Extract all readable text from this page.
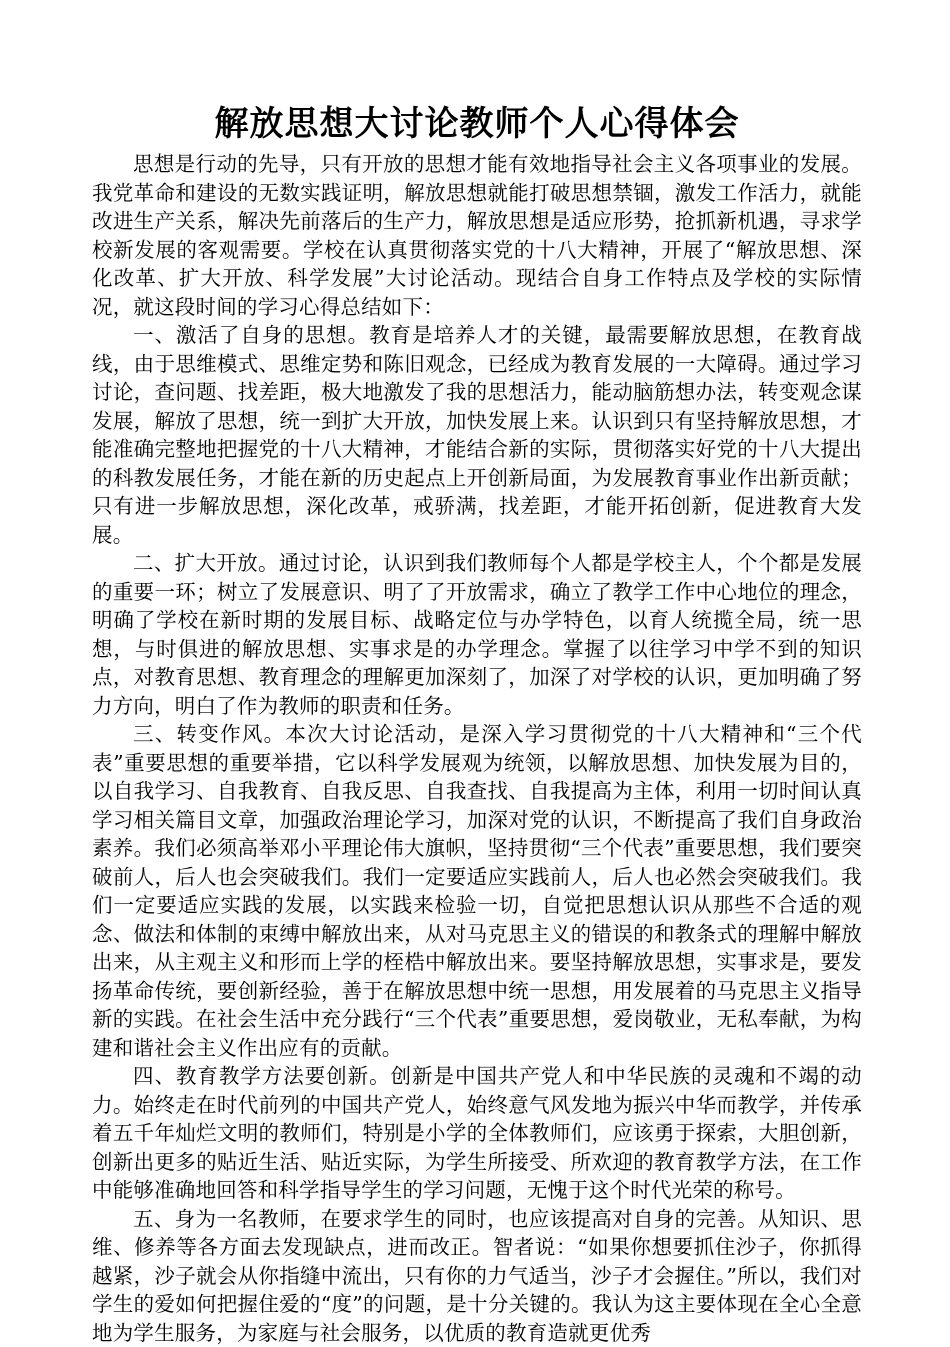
解放思想大讨论教师个人心得体会

思想是行动的先导，只有开放的思想才能有效地指导社会主义各项事业的发展。我党革命和建设的无数实践证明，解放思想就能打破思想禁锢，激发工作活力，就能改进生产关系，解决先前落后的生产力，解放思想是适应形势，抢抓新机遇，寻求学校新发展的客观需要。学校在认真贯彻落实党的十八大精神，开展了“解放思想、深化改革、扩大开放、科学发展”大讨论活动。现结合自身工作特点及学校的实际情况，就这段时间的学习心得总结如下：

一、激活了自身的思想。教育是培养人才的关键，最需要解放思想，在教育战线，由于思维模式、思维定势和陈旧观念，已经成为教育发展的一大障碍。通过学习讨论，查问题、找差距，极大地激发了我的思想活力，能动脑筋想办法，转变观念谋发展，解放了思想，统一到扩大开放，加快发展上来。认识到只有坚持解放思想，才能准确完整地把握党的十八大精神，才能结合新的实际，贯彻落实好党的十八大提出的科教发展任务，才能在新的历史起点上开创新局面，为发展教育事业作出新贡献；只有进一步解放思想，深化改革，戒骄满，找差距，才能开拓创新，促进教育大发展。

二、扩大开放。通过讨论，认识到我们教师每个人都是学校主人，个个都是发展的重要一环；树立了发展意识、明了了开放需求，确立了教学工作中心地位的理念，明确了学校在新时期的发展目标、战略定位与办学特色，以育人统揽全局，统一思想，与时俱进的解放思想、实事求是的办学理念。掌握了以往学习中学不到的知识点，对教育思想、教育理念的理解更加深刻了，加深了对学校的认识，更加明确了努力方向，明白了作为教师的职责和任务。

三、转变作风。本次大讨论活动，是深入学习贯彻党的十八大精神和“三个代表”重要思想的重要举措，它以科学发展观为统领，以解放思想、加快发展为目的，以自我学习、自我教育、自我反思、自我查找、自我提高为主体，利用一切时间认真学习相关篇目文章，加强政治理论学习，加深对党的认识，不断提高了我们自身政治素养。我们必须高举邓小平理论伟大旗帜，坚持贯彻“三个代表”重要思想，我们要突破前人，后人也会突破我们。我们一定要适应实践前人，后人也必然会突破我们。我们一定要适应实践的发展，以实践来检验一切，自觉把思想认识从那些不合适的观念、做法和体制的束缚中解放出来，从对马克思主义的错误的和教条式的理解中解放出来，从主观主义和形而上学的桎梏中解放出来。要坚持解放思想，实事求是，要发扬革命传统，要创新经验，善于在解放思想中统一思想，用发展着的马克思主义指导新的实践。在社会生活中充分践行“三个代表”重要思想，爱岗敬业，无私奉献，为构建和谐社会主义作出应有的贡献。

四、教育教学方法要创新。创新是中国共产党人和中华民族的灵魂和不竭的动力。始终走在时代前列的中国共产党人，始终意气风发地为振兴中华而教学，并传承着五千年灿烂文明的教师们，特别是小学的全体教师们，应该勇于探索，大胆创新，创新出更多的贴近生活、贴近实际，为学生所接受、所欢迎的教育教学方法，在工作中能够准确地回答和科学指导学生的学习问题，无愧于这个时代光荣的称号。

五、身为一名教师，在要求学生的同时，也应该提高对自身的完善。从知识、思维、修养等各方面去发现缺点，进而改正。智者说：“如果你想要抓住沙子，你抓得越紧，沙子就会从你指缝中流出，只有你的力气适当，沙子才会握住。”所以，我们对学生的爱如何把握住爱的“度”的问题，是十分关键的。我认为这主要体现在全心全意地为学生服务，为家庭与社会服务，以优质的教育造就更优秀
